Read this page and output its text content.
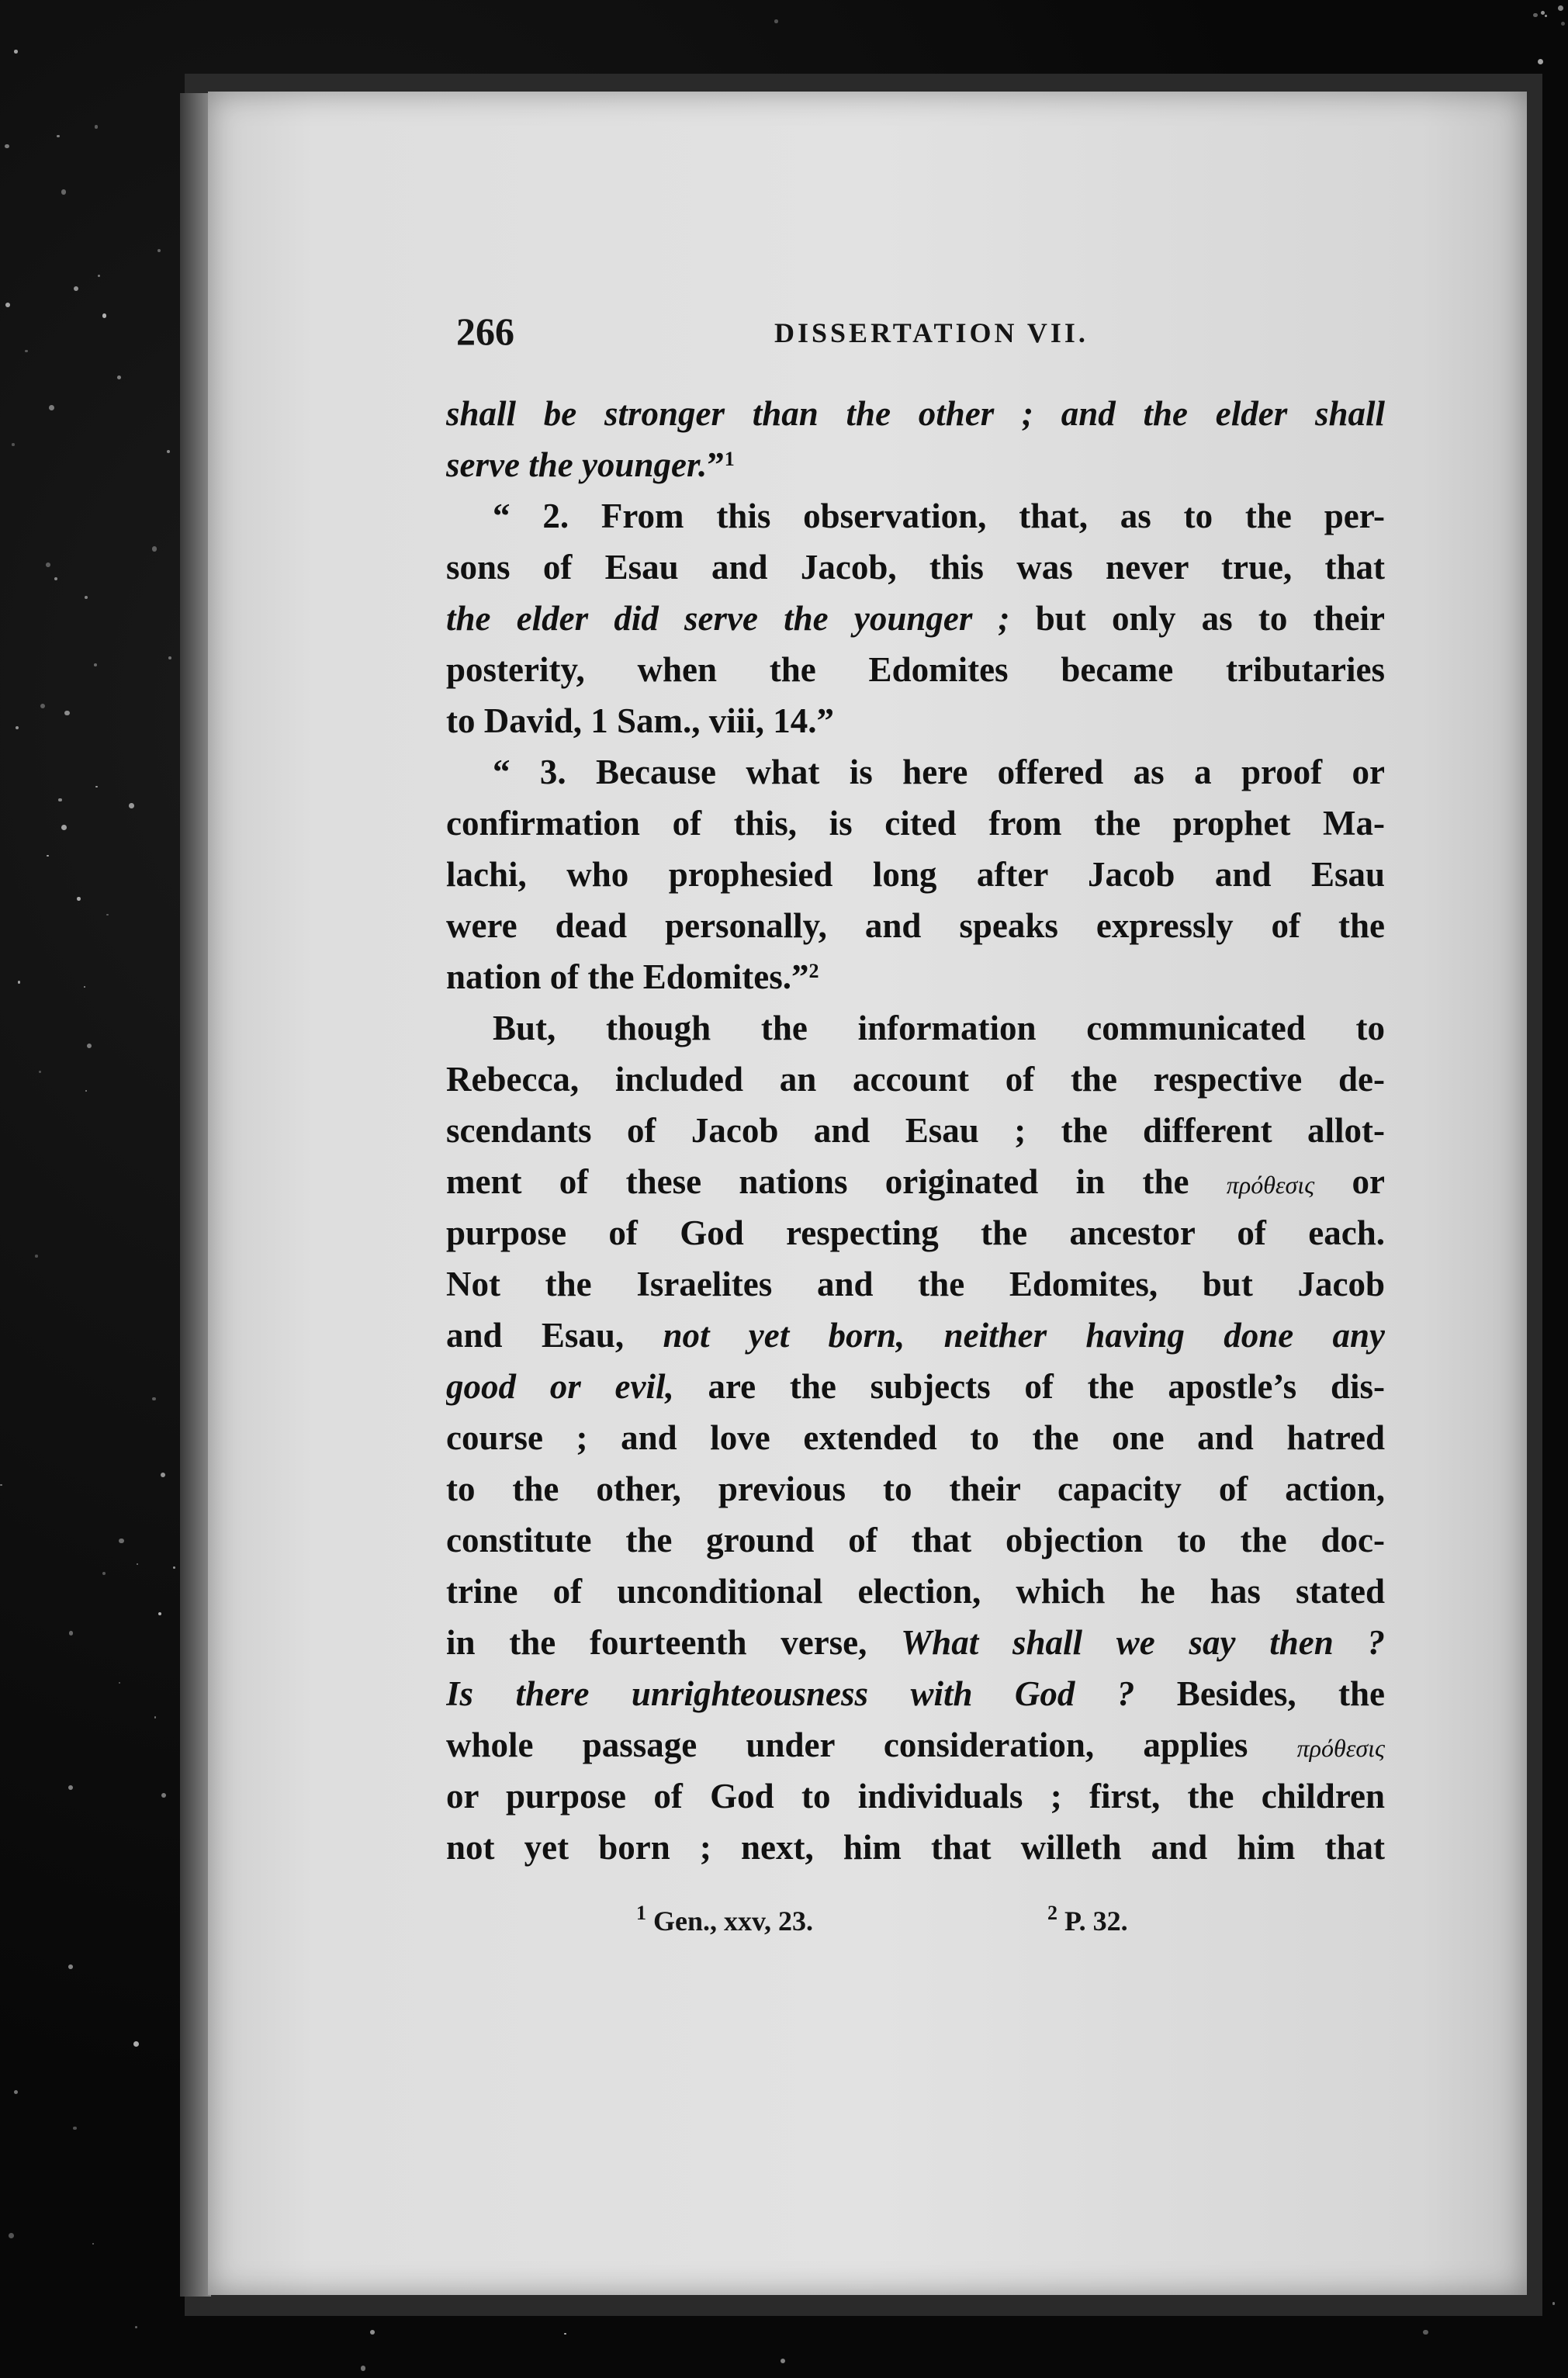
266	DISSERTATION VII.
shall be stronger than the other ; and the elder shall
serve the younger.”$^1$
“ 2. From this observation, that, as to the per-
sons of Esau and Jacob, this was never true, that
the elder did serve the younger ; but only as to their
posterity, when the Edomites became tributaries
to David, 1 Sam., viii, 14.”
“ 3. Because what is here offered as a proof or
confirmation of this, is cited from the prophet Ma-
lachi, who prophesied long after Jacob and Esau
were dead personally, and speaks expressly of the
nation of the Edomites.”$^2$
But, though the information communicated to
Rebecca, included an account of the respective de-
scendants of Jacob and Esau ; the different allot-
ment of these nations originated in the πρόθεσις or
purpose of God respecting the ancestor of each.
Not the Israelites and the Edomites, but Jacob
and Esau, not yet born, neither having done any
good or evil, are the subjects of the apostle’s dis-
course ; and love extended to the one and hatred
to the other, previous to their capacity of action,
constitute the ground of that objection to the doc-
trine of unconditional election, which he has stated
in the fourteenth verse, What shall we say then ?
Is there unrighteousness with God ? Besides, the
whole passage under consideration, applies πρόθεσις
or purpose of God to individuals ; first, the children
not yet born ; next, him that willeth and him that
$^1$ Gen., xxv, 23.	$^2$ P. 32.
